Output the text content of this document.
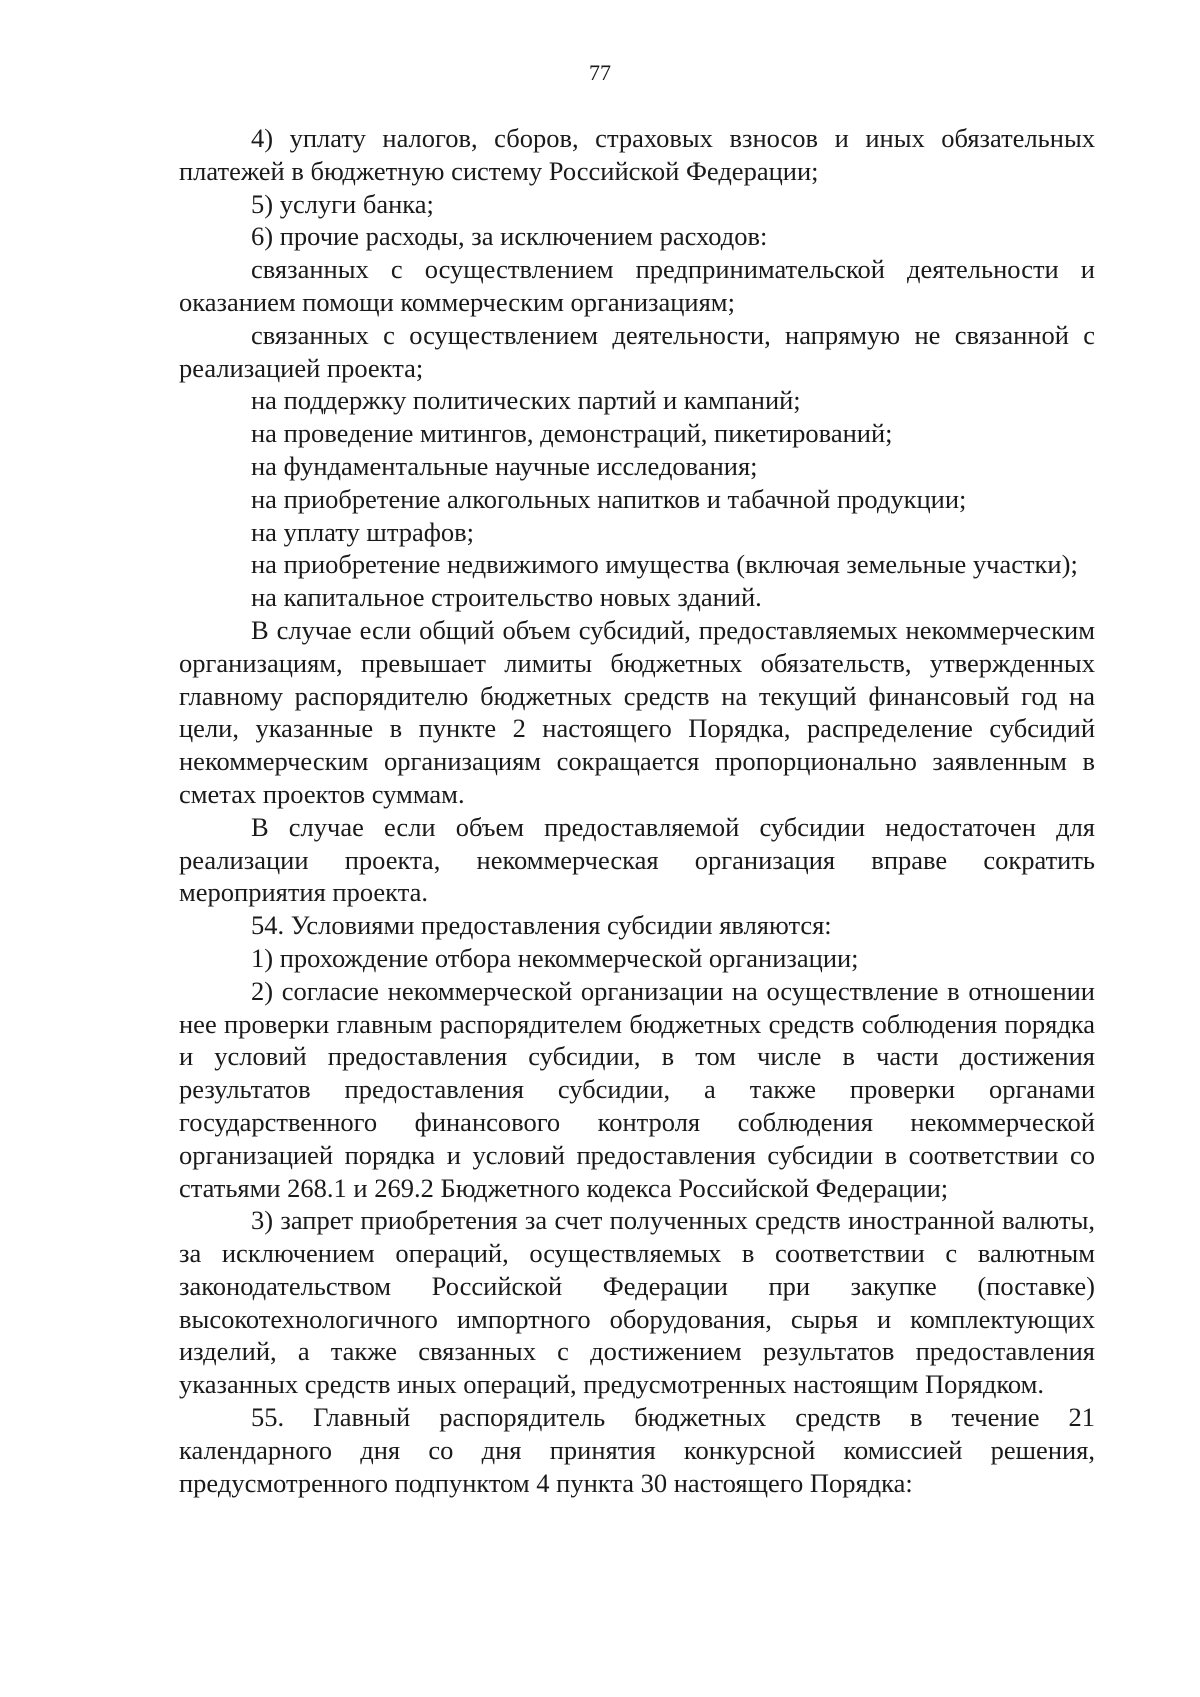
77

4) уплату налогов, сборов, страховых взносов и иных обязательных платежей в бюджетную систему Российской Федерации;

5) услуги банка;

6) прочие расходы, за исключением расходов:

связанных с осуществлением предпринимательской деятельности и оказанием помощи коммерческим организациям;

связанных с осуществлением деятельности, напрямую не связанной с реализацией проекта;

на поддержку политических партий и кампаний;

на проведение митингов, демонстраций, пикетирований;

на фундаментальные научные исследования;

на приобретение алкогольных напитков и табачной продукции;

на уплату штрафов;

на приобретение недвижимого имущества (включая земельные участки);

на капитальное строительство новых зданий.

В случае если общий объем субсидий, предоставляемых некоммерческим организациям, превышает лимиты бюджетных обязательств, утвержденных главному распорядителю бюджетных средств на текущий финансовый год на цели, указанные в пункте 2 настоящего Порядка, распределение субсидий некоммерческим организациям сокращается пропорционально заявленным в сметах проектов суммам.

В случае если объем предоставляемой субсидии недостаточен для реализации проекта, некоммерческая организация вправе сократить мероприятия проекта.

54. Условиями предоставления субсидии являются:

1) прохождение отбора некоммерческой организации;

2) согласие некоммерческой организации на осуществление в отношении нее проверки главным распорядителем бюджетных средств соблюдения порядка и условий предоставления субсидии, в том числе в части достижения результатов предоставления субсидии, а также проверки органами государственного финансового контроля соблюдения некоммерческой организацией порядка и условий предоставления субсидии в соответствии со статьями 268.1 и 269.2 Бюджетного кодекса Российской Федерации;

3) запрет приобретения за счет полученных средств иностранной валюты, за исключением операций, осуществляемых в соответствии с валютным законодательством Российской Федерации при закупке (поставке) высокотехнологичного импортного оборудования, сырья и комплектующих изделий, а также связанных с достижением результатов предоставления указанных средств иных операций, предусмотренных настоящим Порядком.

55. Главный распорядитель бюджетных средств в течение 21 календарного дня со дня принятия конкурсной комиссией решения, предусмотренного подпунктом 4 пункта 30 настоящего Порядка:
